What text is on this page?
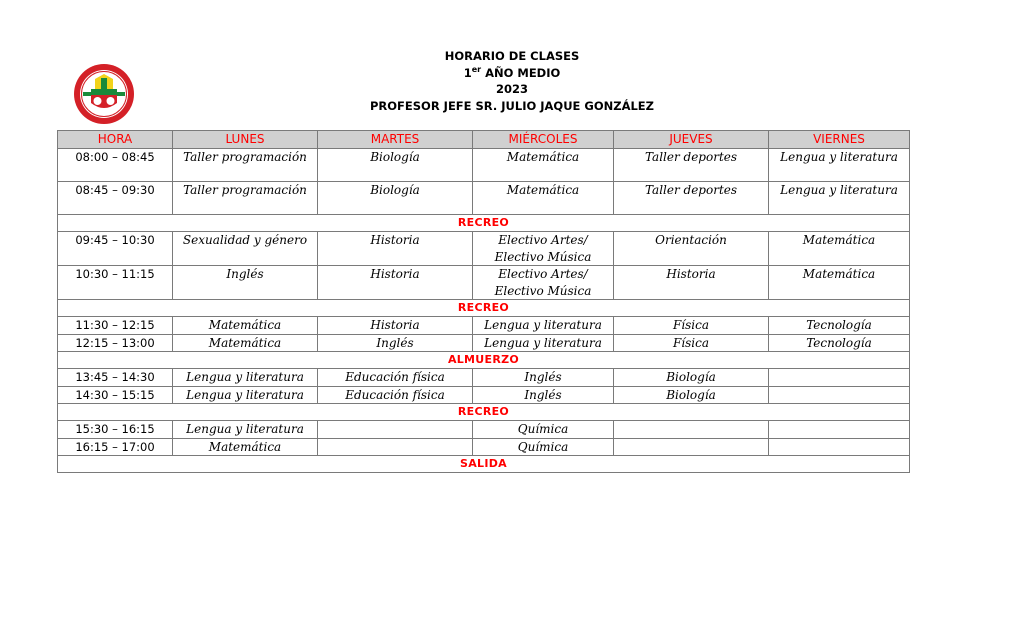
HORARIO DE CLASES
1er AÑO MEDIO
2023
PROFESOR JEFE SR. JULIO JAQUE GONZÁLEZ
HORA	LUNES	MARTES	MIÉRCOLES	JUEVES	VIERNES
08:00 – 08:45	Taller programación	Biología	Matemática	Taller deportes	Lengua y literatura
08:45 – 09:30	Taller programación	Biología	Matemática	Taller deportes	Lengua y literatura
RECREO					
09:45 – 10:30	Sexualidad y género	Historia	Electivo Artes/ Electivo Música	Orientación	Matemática
10:30 – 11:15	Inglés	Historia	Electivo Artes/ Electivo Música	Historia	Matemática
RECREO					
11:30 – 12:15	Matemática	Historia	Lengua y literatura	Física	Tecnología
12:15 – 13:00	Matemática	Inglés	Lengua y literatura	Física	Tecnología
ALMUERZO					
13:45 – 14:30	Lengua y literatura	Educación física	Inglés	Biología	
14:30 – 15:15	Lengua y literatura	Educación física	Inglés	Biología	
RECREO					
15:30 – 16:15	Lengua y literatura		Química		
16:15 – 17:00	Matemática		Química		
SALIDA					
